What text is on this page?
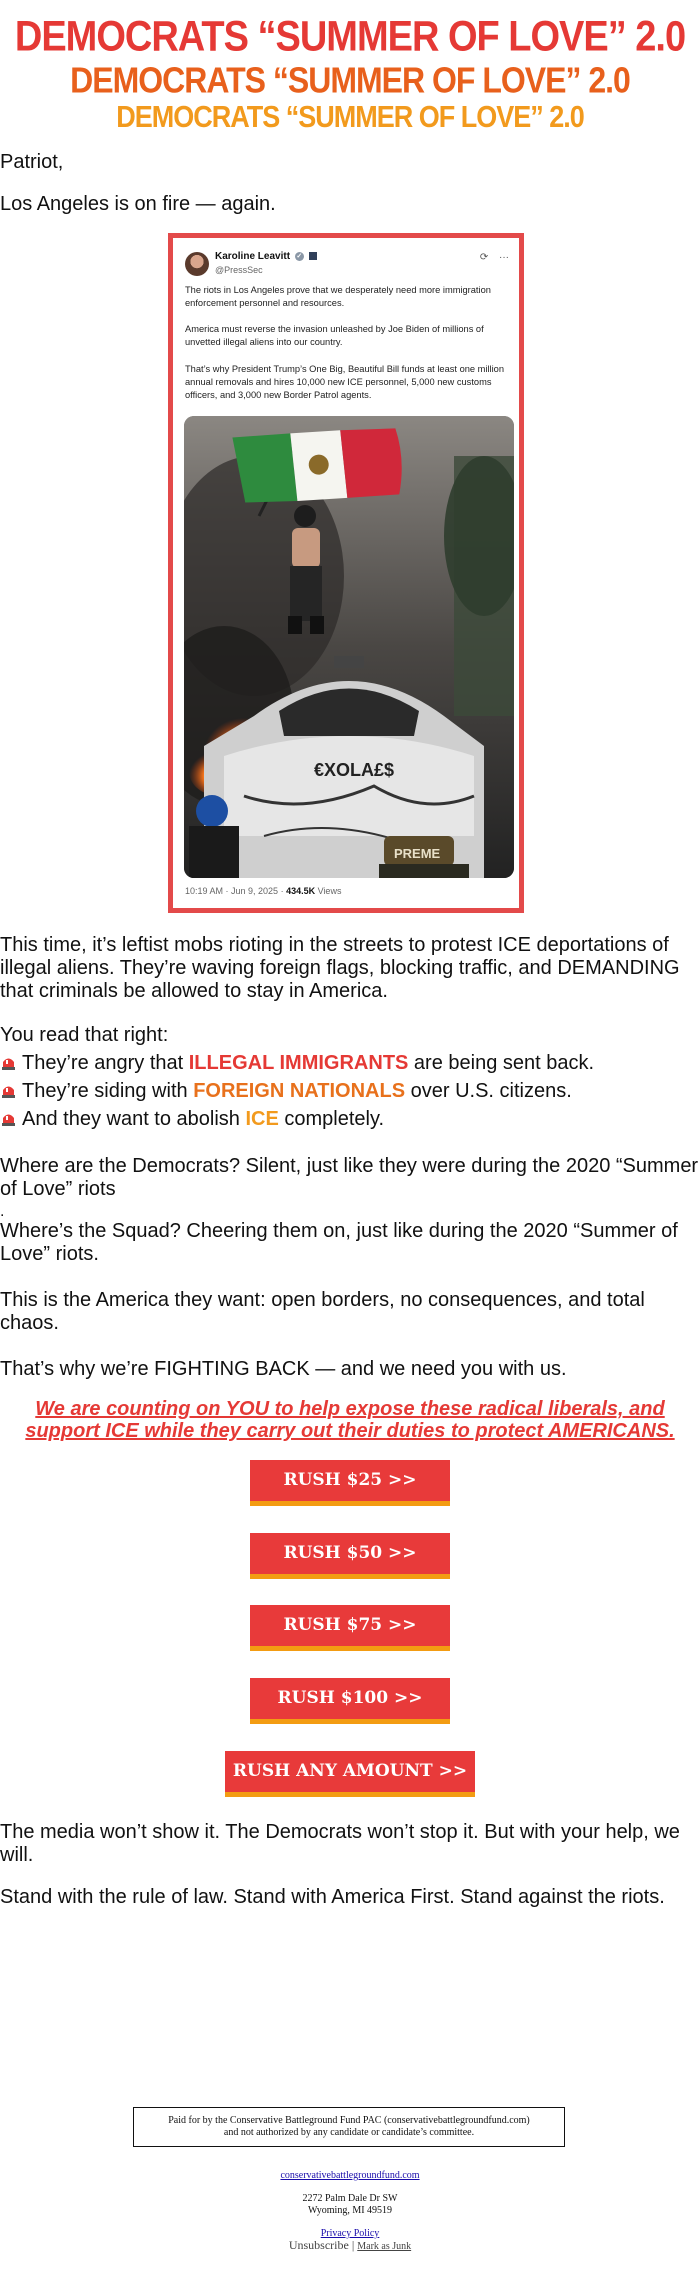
DEMOCRATS “SUMMER OF LOVE” 2.0
DEMOCRATS “SUMMER OF LOVE” 2.0
DEMOCRATS “SUMMER OF LOVE” 2.0

Patriot,

Los Angeles is on fire — again.

Karoline Leavitt ✓
@PressSec
⟳ ···

The riots in Los Angeles prove that we desperately need more immigration enforcement personnel and resources.

America must reverse the invasion unleashed by Joe Biden of millions of unvetted illegal aliens into our country.

That’s why President Trump’s One Big, Beautiful Bill funds at least one million annual removals and hires 10,000 new ICE personnel, 5,000 new customs officers, and 3,000 new Border Patrol agents.

€XOLA£$
PREME
10:19 AM · Jun 9, 2025 · 434.5K Views

This time, it’s leftist mobs rioting in the streets to protest ICE deportations of illegal aliens. They’re waving foreign flags, blocking traffic, and DEMANDING that criminals be allowed to stay in America.

You read that right:

They’re angry that ILLEGAL IMMIGRANTS are being sent back.
They’re siding with FOREIGN NATIONALS over U.S. citizens.
And they want to abolish ICE completely.

Where are the Democrats? Silent, just like they were during the 2020 “Summer of Love” riots

.

Where’s the Squad? Cheering them on, just like during the 2020 “Summer of Love” riots.

This is the America they want: open borders, no consequences, and total chaos.

That’s why we’re FIGHTING BACK — and we need you with us.

We are counting on YOU to help expose these radical liberals, and support ICE while they carry out their duties to protect AMERICANS.
RUSH $25 >>
RUSH $50 >>
RUSH $75 >>
RUSH $100 >>
RUSH ANY AMOUNT >>

The media won’t show it. The Democrats won’t stop it. But with your help, we will.

Stand with the rule of law. Stand with America First. Stand against the riots.

Paid for by the Conservative Battleground Fund PAC (conservativebattlegroundfund.com)
and not authorized by any candidate or candidate’s committee.
conservativebattlegroundfund.com
2272 Palm Dale Dr SW
Wyoming, MI 49519
Privacy Policy
Unsubscribe | Mark as Junk
